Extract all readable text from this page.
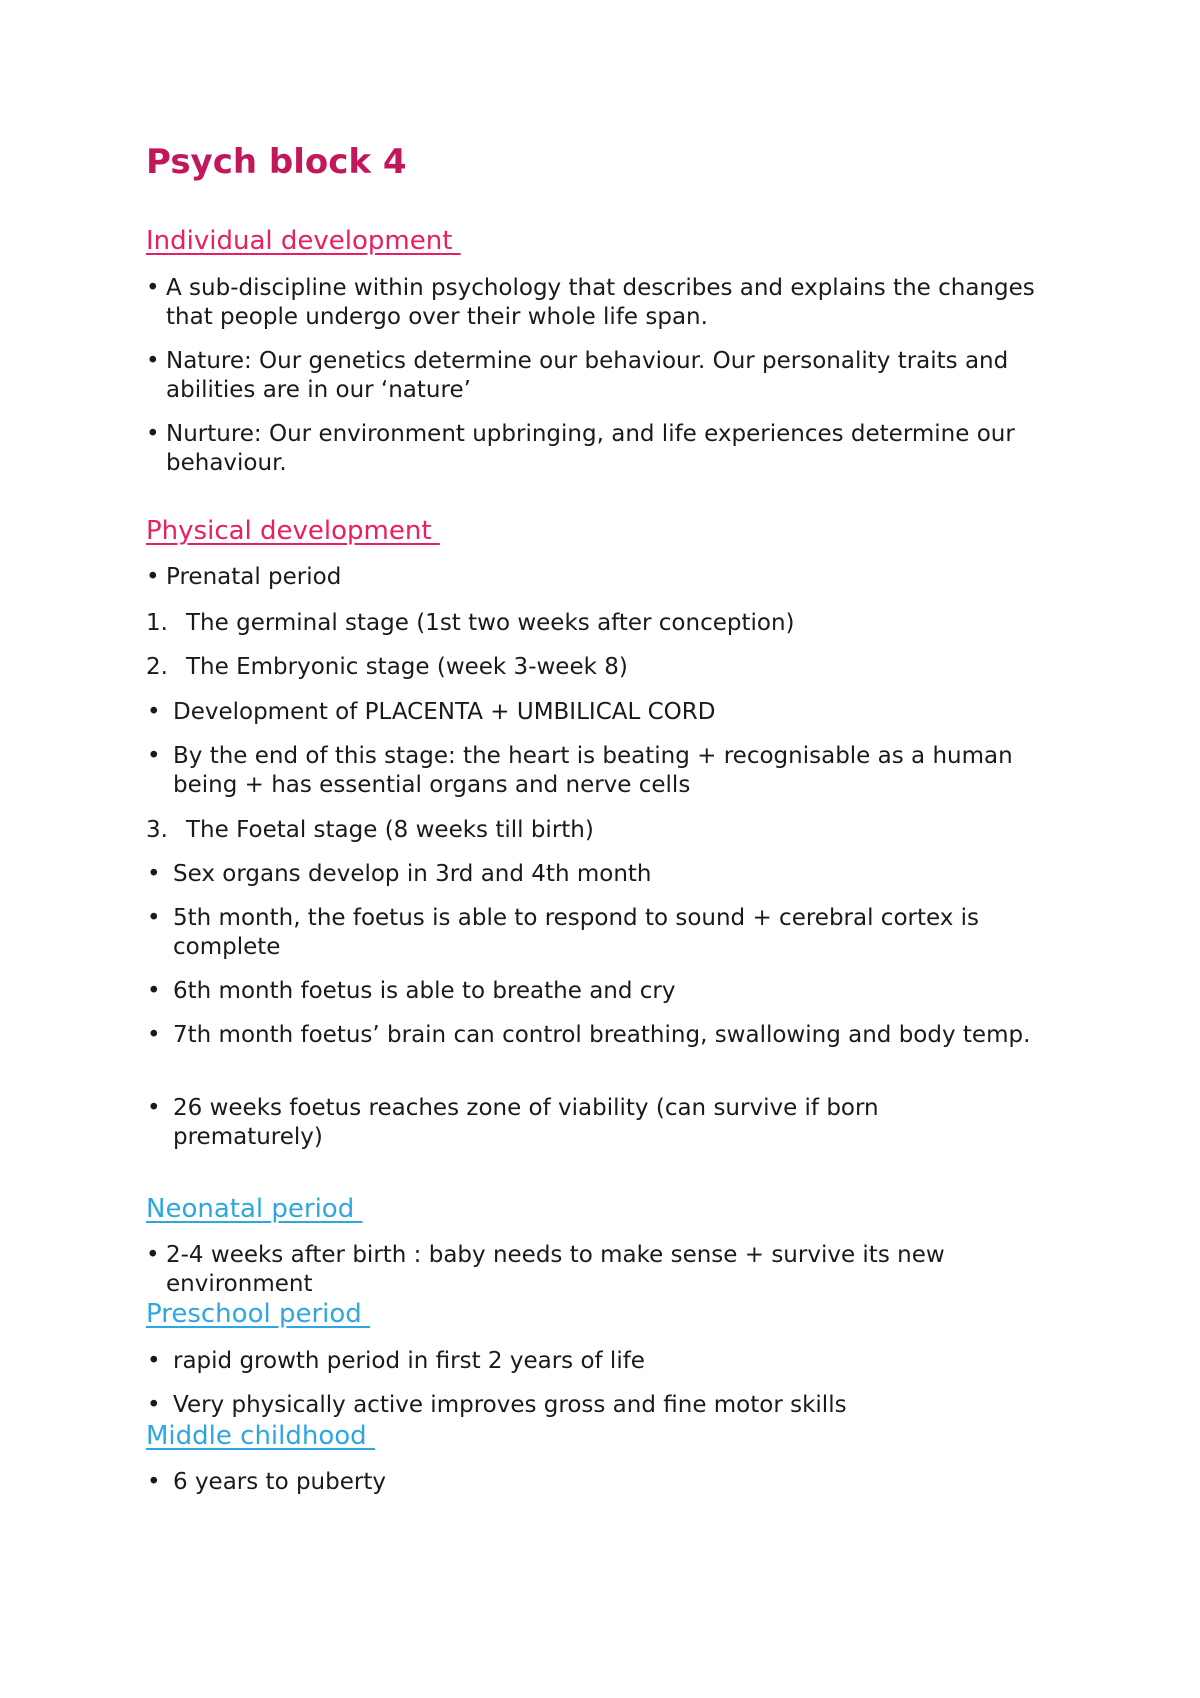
Psych block 4
Individual development
• A sub-discipline within psychology that describes and explains the changes that people undergo over their whole life span.
• Nature: Our genetics determine our behaviour. Our personality traits and abilities are in our ‘nature’
• Nurture: Our environment upbringing, and life experiences determine our behaviour.
Physical development
• Prenatal period
1. The germinal stage (1st two weeks after conception)
2. The Embryonic stage (week 3-week 8)
• Development of PLACENTA + UMBILICAL CORD
• By the end of this stage: the heart is beating + recognisable as a human being + has essential organs and nerve cells
3. The Foetal stage (8 weeks till birth)
• Sex organs develop in 3rd and 4th month
• 5th month, the foetus is able to respond to sound + cerebral cortex is complete
• 6th month foetus is able to breathe and cry
• 7th month foetus’ brain can control breathing, swallowing and body temp.
• 26 weeks foetus reaches zone of viability (can survive if born prematurely)
Neonatal period
• 2-4 weeks after birth : baby needs to make sense + survive its new environment
Preschool period
• rapid growth period in first 2 years of life
• Very physically active improves gross and fine motor skills
Middle childhood
• 6 years to puberty
